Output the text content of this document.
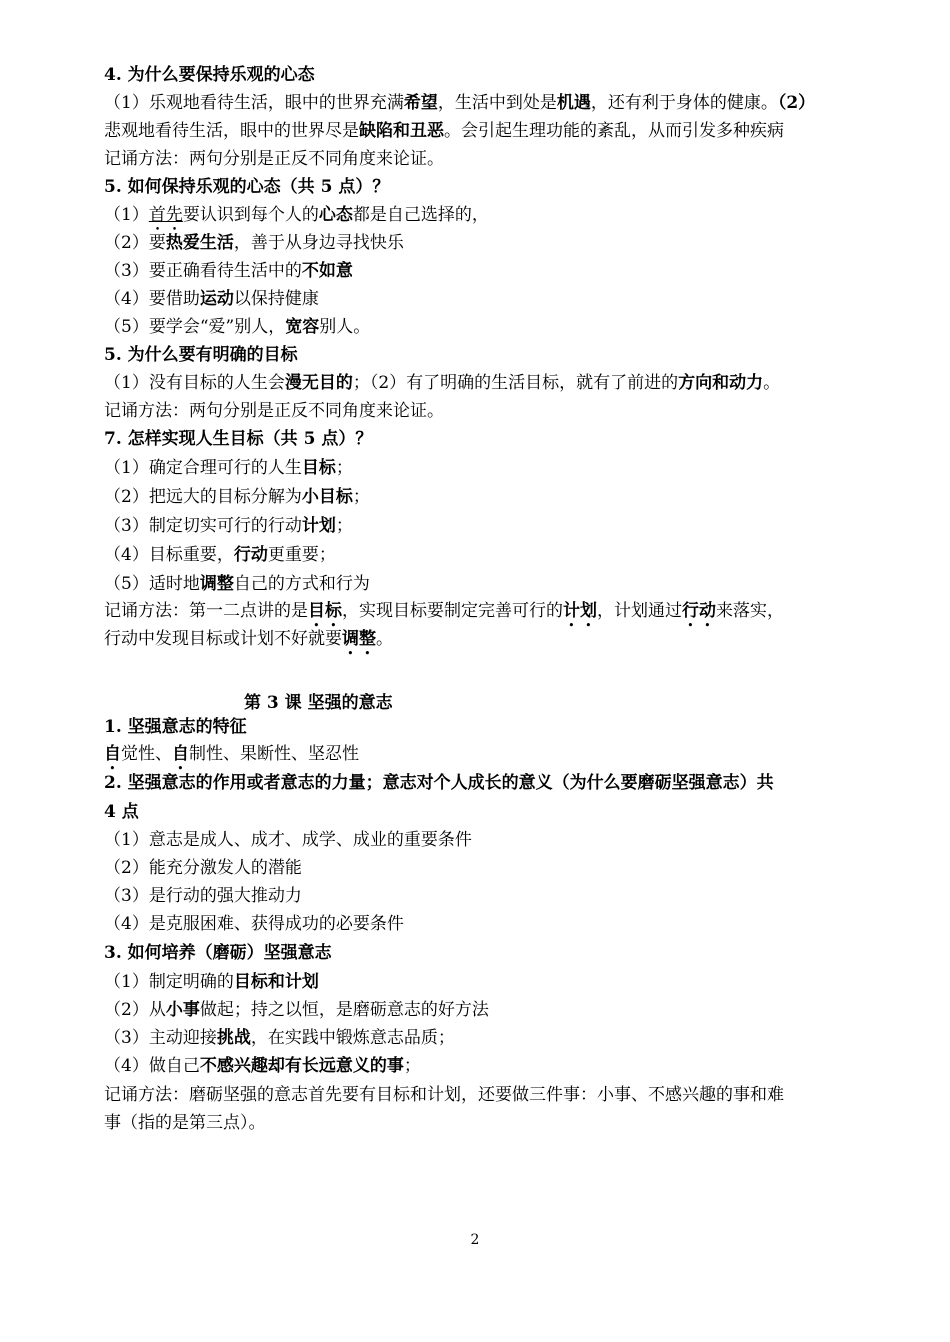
4. 为什么要保持乐观的心态
（1）乐观地看待生活，眼中的世界充满希望，生活中到处是机遇，还有利于身体的健康。（2）
悲观地看待生活，眼中的世界尽是缺陷和丑恶。会引起生理功能的紊乱，从而引发多种疾病
记诵方法：两句分别是正反不同角度来论证。
5. 如何保持乐观的心态（共 5 点）？
（1）首先要认识到每个人的心态都是自己选择的，
（2）要热爱生活，善于从身边寻找快乐
（3）要正确看待生活中的不如意
（4）要借助运动以保持健康
（5）要学会“爱”别人，宽容别人。
5. 为什么要有明确的目标
（1）没有目标的人生会漫无目的；（2）有了明确的生活目标，就有了前进的方向和动力。
记诵方法：两句分别是正反不同角度来论证。
7. 怎样实现人生目标（共 5 点）？
（1）确定合理可行的人生目标；
（2）把远大的目标分解为小目标；
（3）制定切实可行的行动计划；
（4）目标重要，行动更重要；
（5）适时地调整自己的方式和行为
记诵方法：第一二点讲的是目标，实现目标要制定完善可行的计划，计划通过行动来落实，
行动中发现目标或计划不好就要调整。
第 3 课 坚强的意志
1. 坚强意志的特征
自觉性、自制性、果断性、坚忍性
2. 坚强意志的作用或者意志的力量；意志对个人成长的意义（为什么要磨砺坚强意志）共
4 点
（1）意志是成人、成才、成学、成业的重要条件
（2）能充分激发人的潜能
（3）是行动的强大推动力
（4）是克服困难、获得成功的必要条件
3. 如何培养（磨砺）坚强意志
（1）制定明确的目标和计划
（2）从小事做起；持之以恒，是磨砺意志的好方法
（3）主动迎接挑战，在实践中锻炼意志品质；
（4）做自己不感兴趣却有长远意义的事；
记诵方法：磨砺坚强的意志首先要有目标和计划，还要做三件事：小事、不感兴趣的事和难
事（指的是第三点）。
2
